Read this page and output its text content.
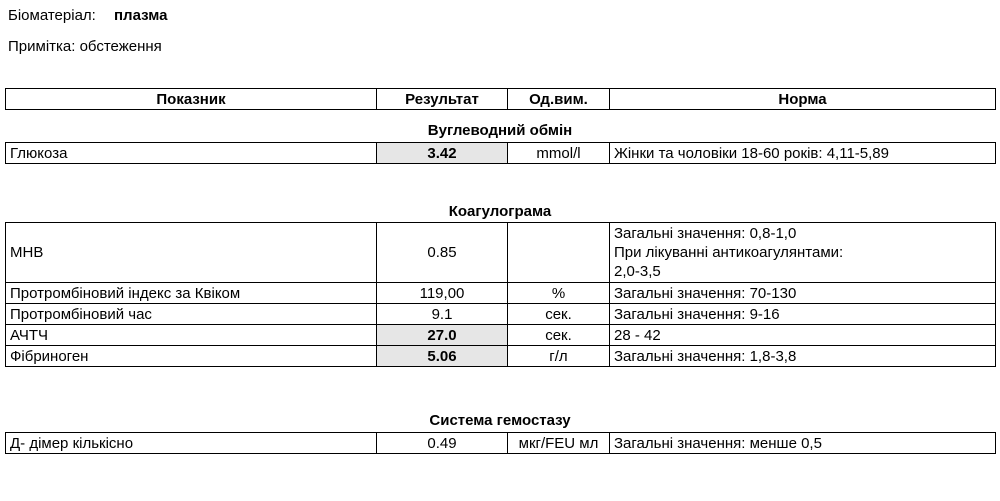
Біоматеріал: плазма
Примітка: обстеження
Показник	Результат	Од.вим.	Норма
Вуглеводний обмін
Глюкоза	3.42	mmol/l	Жінки та чоловіки 18-60 років: 4,11-5,89
Коагулограма
МНВ	0.85		Загальні значення: 0,8-1,0
При лікуванні антикоагулянтами:
2,0-3,5

Протромбіновий індекс за Квіком	119,00	%	Загальні значення: 70-130
Протромбіновий час	9.1	сек.	Загальні значення: 9-16
АЧТЧ	27.0	сек.	28 - 42
Фібриноген	5.06	г/л	Загальні значення: 1,8-3,8
Система гемостазу
Д- дімер кількісно	0.49	мкг/FEU мл	Загальні значення: менше 0,5
